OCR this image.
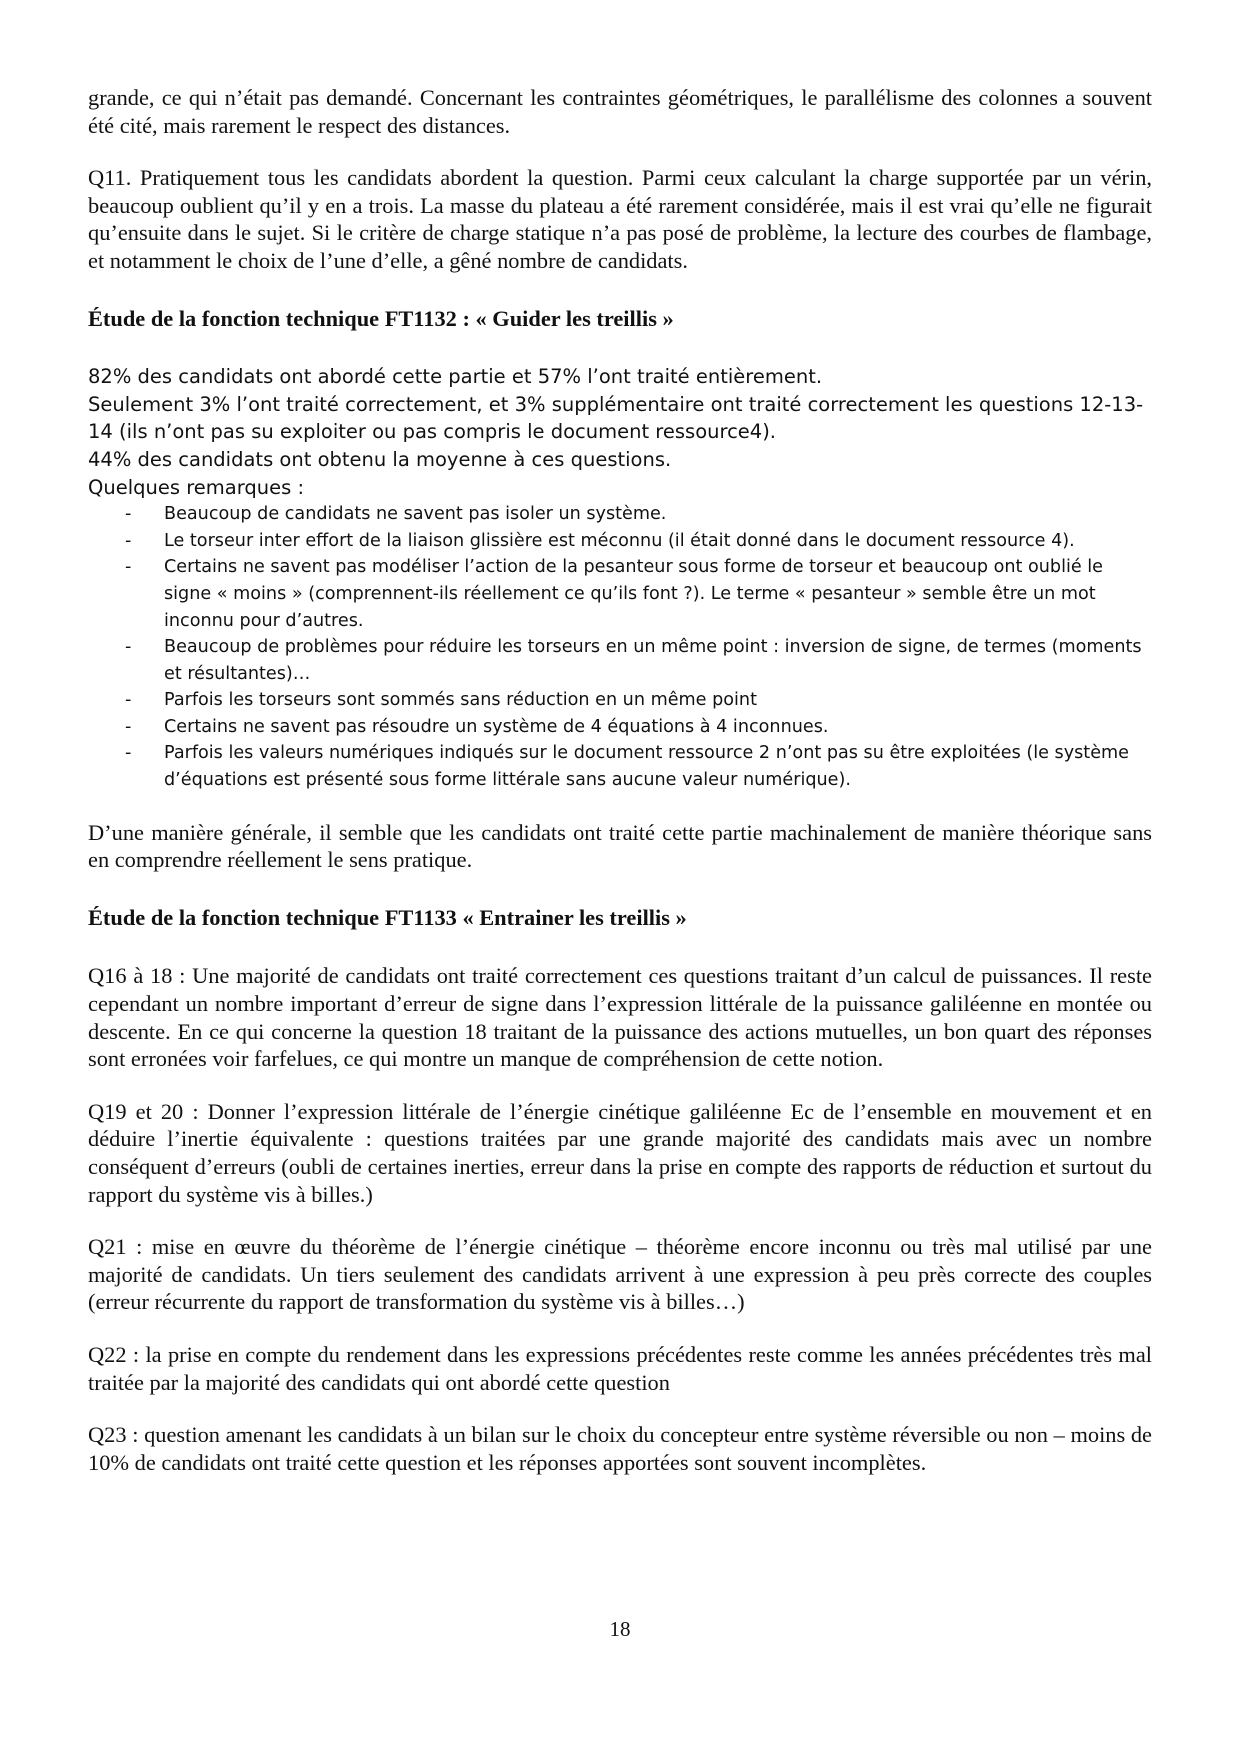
grande, ce qui n’était pas demandé. Concernant les contraintes géométriques, le parallélisme des colonnes a souvent été cité, mais rarement le respect des distances.

Q11. Pratiquement tous les candidats abordent la question. Parmi ceux calculant la charge supportée par un vérin, beaucoup oublient qu’il y en a trois. La masse du plateau a été rarement considérée, mais il est vrai qu’elle ne figurait qu’ensuite dans le sujet. Si le critère de charge statique n’a pas posé de problème, la lecture des courbes de flambage, et notamment le choix de l’une d’elle, a gêné nombre de candidats.

Étude de la fonction technique FT1132 : « Guider les treillis »

82% des candidats ont abordé cette partie et 57% l’ont traité entièrement.

Seulement 3% l’ont traité correctement, et 3% supplémentaire ont traité correctement les questions 12-13-14 (ils n’ont pas su exploiter ou pas compris le document ressource4).

44% des candidats ont obtenu la moyenne à ces questions.

Quelques remarques :

- Beaucoup de candidats ne savent pas isoler un système.
- Le torseur inter effort de la liaison glissière est méconnu (il était donné dans le document ressource 4).
- Certains ne savent pas modéliser l’action de la pesanteur sous forme de torseur et beaucoup ont oublié le signe « moins » (comprennent-ils réellement ce qu’ils font ?). Le terme « pesanteur » semble être un mot inconnu pour d’autres.
- Beaucoup de problèmes pour réduire les torseurs en un même point : inversion de signe, de termes (moments et résultantes)…
- Parfois les torseurs sont sommés sans réduction en un même point
- Certains ne savent pas résoudre un système de 4 équations à 4 inconnues.
- Parfois les valeurs numériques indiqués sur le document ressource 2 n’ont pas su être exploitées (le système d’équations est présenté sous forme littérale sans aucune valeur numérique).

D’une manière générale, il semble que les candidats ont traité cette partie machinalement de manière théorique sans en comprendre réellement le sens pratique.

Étude de la fonction technique FT1133 « Entrainer les treillis »

Q16 à 18 : Une majorité de candidats ont traité correctement ces questions traitant d’un calcul de puissances. Il reste cependant un nombre important d’erreur de signe dans l’expression littérale de la puissance galiléenne en montée ou descente. En ce qui concerne la question 18 traitant de la puissance des actions mutuelles, un bon quart des réponses sont erronées voir farfelues, ce qui montre un manque de compréhension de cette notion.

Q19 et 20 : Donner l’expression littérale de l’énergie cinétique galiléenne Ec de l’ensemble en mouvement et en déduire l’inertie équivalente : questions traitées par une grande majorité des candidats mais avec un nombre conséquent d’erreurs (oubli de certaines inerties, erreur dans la prise en compte des rapports de réduction et surtout du rapport du système vis à billes.)

Q21 : mise en œuvre du théorème de l’énergie cinétique – théorème encore inconnu ou très mal utilisé par une majorité de candidats. Un tiers seulement des candidats arrivent à une expression à peu près correcte des couples (erreur récurrente du rapport de transformation du système vis à billes…)

Q22 : la prise en compte du rendement dans les expressions précédentes reste comme les années précédentes très mal traitée par la majorité des candidats qui ont abordé cette question

Q23 : question amenant les candidats à un bilan sur le choix du concepteur entre système réversible ou non – moins de 10% de candidats ont traité cette question et les réponses apportées sont souvent incomplètes.

18
